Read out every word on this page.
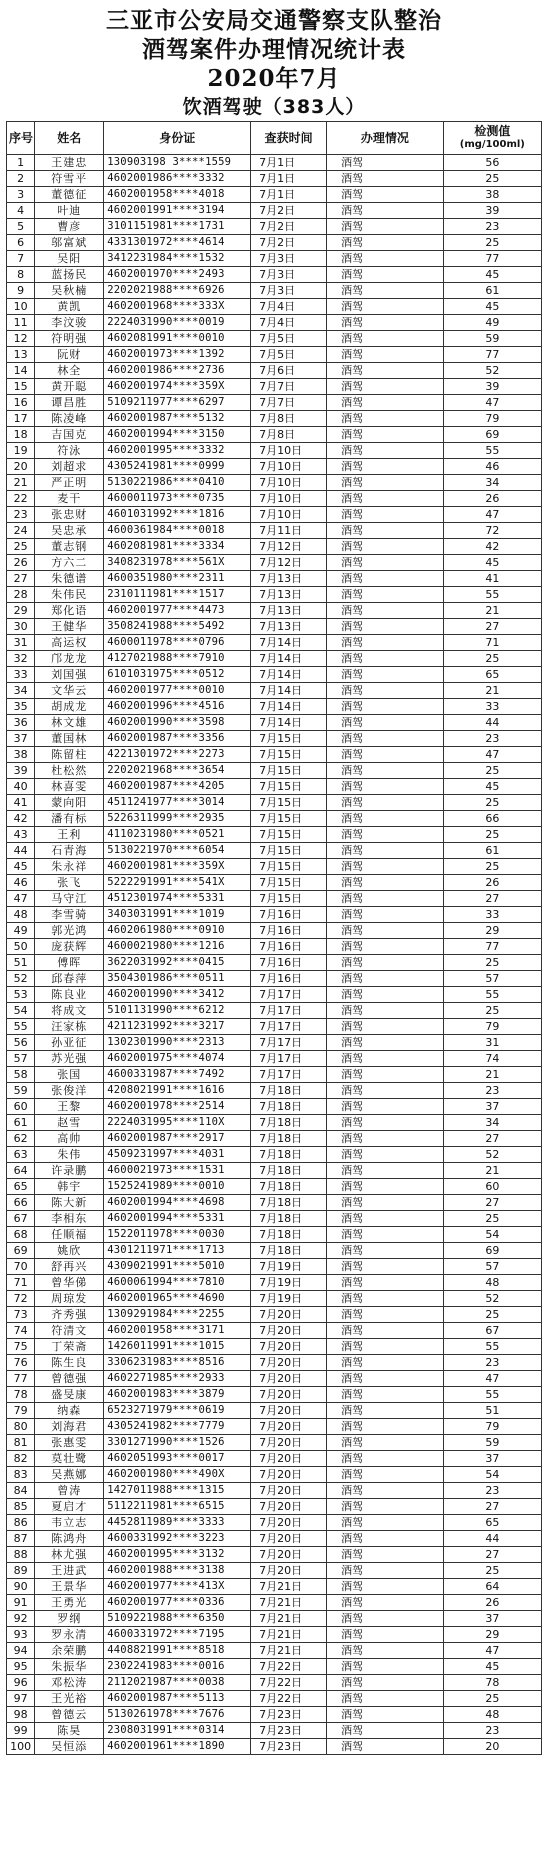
三亚市公安局交通警察支队整治
酒驾案件办理情况统计表
2020年7月
饮酒驾驶（383人）
序号	姓名	身份证	查获时间	办理情况	检测值
(mg/100ml)

1	王建忠	130903198 3****1559	7月1日	酒驾	56
2	符雪平	4602001986****3332	7月1日	酒驾	25
3	董德征	4602001958****4018	7月1日	酒驾	38
4	叶迪	4602001991****3194	7月2日	酒驾	39
5	曹彦	3101151981****1731	7月2日	酒驾	23
6	邬富斌	4331301972****4614	7月2日	酒驾	25
7	吴阳	3412231984****1532	7月3日	酒驾	77
8	蓝扬民	4602001970****2493	7月3日	酒驾	45
9	吴秋楠	2202021988****6926	7月3日	酒驾	61
10	黄凯	4602001968****333X	7月4日	酒驾	45
11	李汶骏	2224031990****0019	7月4日	酒驾	49
12	符明强	4602081991****0010	7月5日	酒驾	59
13	阮财	4602001973****1392	7月5日	酒驾	77
14	林全	4602001986****2736	7月6日	酒驾	52
15	黄开聪	4602001974****359X	7月7日	酒驾	39
16	谭昌胜	5109211977****6297	7月7日	酒驾	47
17	陈凌峰	4602001987****5132	7月8日	酒驾	79
18	吉国克	4602001994****3150	7月8日	酒驾	69
19	符泳	4602001995****3332	7月10日	酒驾	55
20	刘超求	4305241981****0999	7月10日	酒驾	46
21	严正明	5130221986****0410	7月10日	酒驾	34
22	麦干	4600011973****0735	7月10日	酒驾	26
23	张忠财	4601031992****1816	7月10日	酒驾	47
24	吴忠承	4600361984****0018	7月11日	酒驾	72
25	董志钢	4602081981****3334	7月12日	酒驾	42
26	方六二	3408231978****561X	7月12日	酒驾	45
27	朱德谱	4600351980****2311	7月13日	酒驾	41
28	朱伟民	2310111981****1517	7月13日	酒驾	55
29	郑化语	4602001977****4473	7月13日	酒驾	21
30	王健华	3508241988****5492	7月13日	酒驾	27
31	高运权	4600011978****0796	7月14日	酒驾	71
32	邝龙龙	4127021988****7910	7月14日	酒驾	25
33	刘国强	6101031975****0512	7月14日	酒驾	65
34	文华云	4602001977****0010	7月14日	酒驾	21
35	胡成龙	4602001996****4516	7月14日	酒驾	33
36	林文雄	4602001990****3598	7月14日	酒驾	44
37	董国林	4602001987****3356	7月15日	酒驾	23
38	陈留柱	4221301972****2273	7月15日	酒驾	47
39	杜松然	2202021968****3654	7月15日	酒驾	25
40	林喜雯	4602001987****4205	7月15日	酒驾	45
41	蒙向阳	4511241977****3014	7月15日	酒驾	25
42	潘有标	5226311999****2935	7月15日	酒驾	66
43	王利	4110231980****0521	7月15日	酒驾	25
44	石青海	5130221970****6054	7月15日	酒驾	61
45	朱永祥	4602001981****359X	7月15日	酒驾	25
46	张飞	5222291991****541X	7月15日	酒驾	26
47	马守江	4512301974****5331	7月15日	酒驾	27
48	李雪骑	3403031991****1019	7月16日	酒驾	33
49	郭光鸿	4602061980****0910	7月16日	酒驾	29
50	庞获辉	4600021980****1216	7月16日	酒驾	77
51	傅晖	3622031992****0415	7月16日	酒驾	25
52	邱春萍	3504301986****0511	7月16日	酒驾	57
53	陈良业	4602001990****3412	7月17日	酒驾	55
54	将成文	5101131990****6212	7月17日	酒驾	25
55	汪家栋	4211231992****3217	7月17日	酒驾	79
56	孙亚征	1302301990****2313	7月17日	酒驾	31
57	苏光强	4602001975****4074	7月17日	酒驾	74
58	张国	4600331987****7492	7月17日	酒驾	21
59	张俊洋	4208021991****1616	7月18日	酒驾	23
60	王黎	4602001978****2514	7月18日	酒驾	37
61	赵雪	2224031995****110X	7月18日	酒驾	34
62	高帅	4602001987****2917	7月18日	酒驾	27
63	朱伟	4509231997****4031	7月18日	酒驾	52
64	许录鹏	4600021973****1531	7月18日	酒驾	21
65	韩宇	1525241989****0010	7月18日	酒驾	60
66	陈大新	4602001994****4698	7月18日	酒驾	27
67	李相东	4602001994****5331	7月18日	酒驾	25
68	任顺福	1522011978****0030	7月18日	酒驾	54
69	姚欣	4301211971****1713	7月18日	酒驾	69
70	舒再兴	4309021991****5010	7月19日	酒驾	57
71	曾华俤	4600061994****7810	7月19日	酒驾	48
72	周琼发	4602001965****4690	7月19日	酒驾	52
73	齐秀强	1309291984****2255	7月20日	酒驾	25
74	符清文	4602001958****3171	7月20日	酒驾	67
75	丁荣斋	1426011991****1015	7月20日	酒驾	55
76	陈生良	3306231983****8516	7月20日	酒驾	23
77	曾德强	4602271985****2933	7月20日	酒驾	47
78	盛旻康	4602001983****3879	7月20日	酒驾	55
79	纳森	6523271979****0619	7月20日	酒驾	51
80	刘海君	4305241982****7779	7月20日	酒驾	79
81	张惠雯	3301271990****1526	7月20日	酒驾	59
82	莫壮鹭	4602051993****0017	7月20日	酒驾	37
83	吴燕娜	4602001980****490X	7月20日	酒驾	54
84	曾涛	1427011988****1315	7月20日	酒驾	23
85	夏启才	5112211981****6515	7月20日	酒驾	27
86	韦立志	4452811989****3333	7月20日	酒驾	65
87	陈鸿舟	4600331992****3223	7月20日	酒驾	44
88	林尤强	4602001995****3132	7月20日	酒驾	27
89	王进武	4602001988****3138	7月20日	酒驾	25
90	王景华	4602001977****413X	7月21日	酒驾	64
91	王勇光	4602001977****0336	7月21日	酒驾	26
92	罗纲	5109221988****6350	7月21日	酒驾	37
93	罗永清	4600331972****7195	7月21日	酒驾	29
94	余荣鹏	4408821991****8518	7月21日	酒驾	47
95	朱振华	2302241983****0016	7月22日	酒驾	45
96	邓松涛	2112021987****0038	7月22日	酒驾	78
97	王光裕	4602001987****5113	7月22日	酒驾	25
98	曾德云	5130261978****7676	7月23日	酒驾	48
99	陈昊	2308031991****0314	7月23日	酒驾	23
100	吴恒添	4602001961****1890	7月23日	酒驾	20
